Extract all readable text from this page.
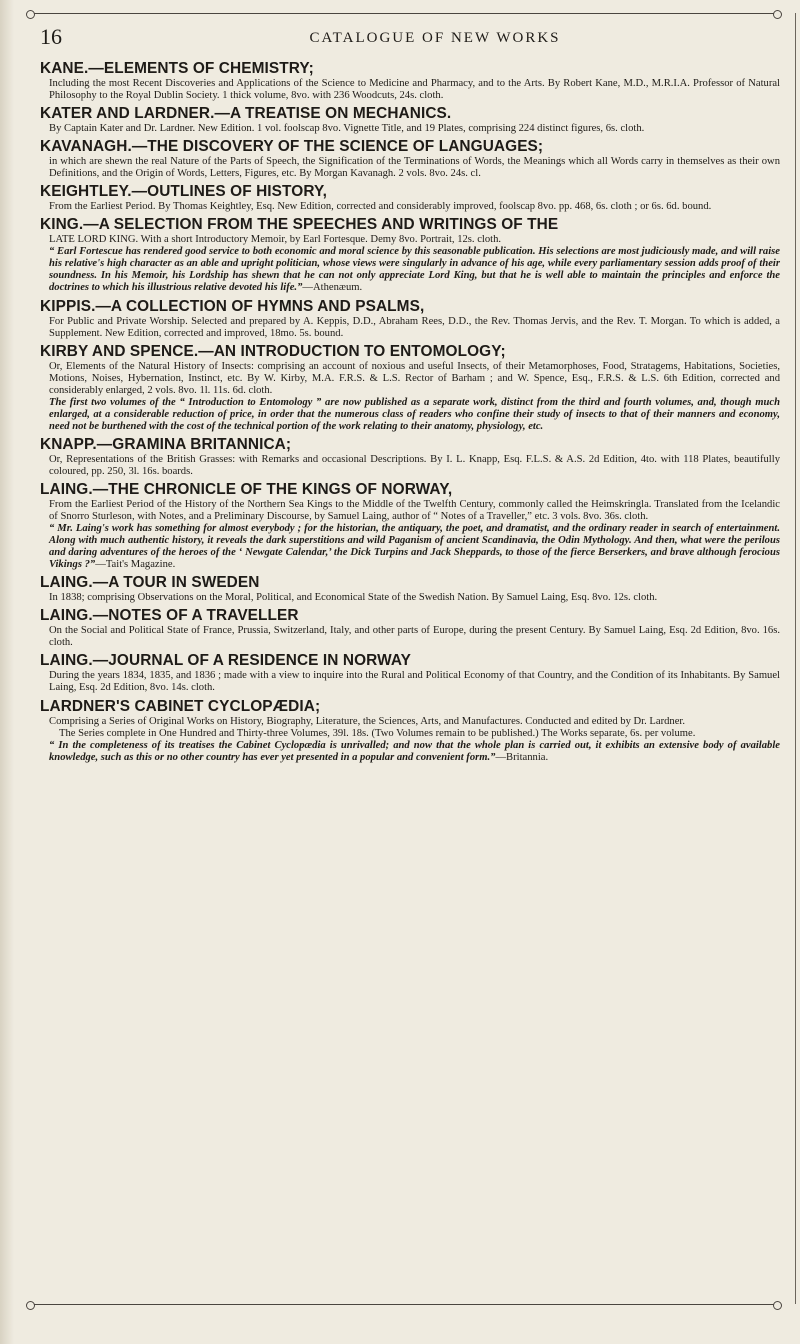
16	CATALOGUE OF NEW WORKS
KANE.—ELEMENTS OF CHEMISTRY;
Including the most Recent Discoveries and Applications of the Science to Medicine and Pharmacy, and to the Arts. By Robert Kane, M.D., M.R.I.A. Professor of Natural Philosophy to the Royal Dublin Society. 1 thick volume, 8vo. with 236 Woodcuts, 24s. cloth.
KATER AND LARDNER.—A TREATISE ON MECHANICS.
By Captain Kater and Dr. Lardner. New Edition. 1 vol. foolscap 8vo. Vignette Title, and 19 Plates, comprising 224 distinct figures, 6s. cloth.
KAVANAGH.—THE DISCOVERY OF THE SCIENCE OF LANGUAGES;
in which are shewn the real Nature of the Parts of Speech, the Signification of the Terminations of Words, the Meanings which all Words carry in themselves as their own Definitions, and the Origin of Words, Letters, Figures, etc. By Morgan Kavanagh. 2 vols. 8vo. 24s. cl.
KEIGHTLEY.—OUTLINES OF HISTORY,
From the Earliest Period. By Thomas Keightley, Esq. New Edition, corrected and considerably improved, foolscap 8vo. pp. 468, 6s. cloth ; or 6s. 6d. bound.
KING.—A SELECTION FROM THE SPEECHES AND WRITINGS OF THE
LATE LORD KING. With a short Introductory Memoir, by Earl Fortesque. Demy 8vo. Portrait, 12s. cloth.
“ Earl Fortescue has rendered good service to both economic and moral science by this seasonable publication. His selections are most judiciously made, and will raise his relative's high character as an able and upright politician, whose views were singularly in advance of his age, while every parliamentary session adds proof of their soundness. In his Memoir, his Lordship has shewn that he can not only appreciate Lord King, but that he is well able to maintain the principles and enforce the doctrines to which his illustrious relative devoted his life.”—Athenæum.
KIPPIS.—A COLLECTION OF HYMNS AND PSALMS,
For Public and Private Worship. Selected and prepared by A. Keppis, D.D., Abraham Rees, D.D., the Rev. Thomas Jervis, and the Rev. T. Morgan. To which is added, a Supplement. New Edition, corrected and improved, 18mo. 5s. bound.
KIRBY AND SPENCE.—AN INTRODUCTION TO ENTOMOLOGY;
Or, Elements of the Natural History of Insects: comprising an account of noxious and useful Insects, of their Metamorphoses, Food, Stratagems, Habitations, Societies, Motions, Noises, Hybernation, Instinct, etc. By W. Kirby, M.A. F.R.S. & L.S. Rector of Barham ; and W. Spence, Esq., F.R.S. & L.S. 6th Edition, corrected and considerably enlarged, 2 vols. 8vo. 1l. 11s. 6d. cloth.
The first two volumes of the “ Introduction to Entomology ” are now published as a separate work, distinct from the third and fourth volumes, and, though much enlarged, at a considerable reduction of price, in order that the numerous class of readers who confine their study of insects to that of their manners and economy, need not be burthened with the cost of the technical portion of the work relating to their anatomy, physiology, etc.
KNAPP.—GRAMINA BRITANNICA;
Or, Representations of the British Grasses: with Remarks and occasional Descriptions. By I. L. Knapp, Esq. F.L.S. & A.S. 2d Edition, 4to. with 118 Plates, beautifully coloured, pp. 250, 3l. 16s. boards.
LAING.—THE CHRONICLE OF THE KINGS OF NORWAY,
From the Earliest Period of the History of the Northern Sea Kings to the Middle of the Twelfth Century, commonly called the Heimskringla. Translated from the Icelandic of Snorro Sturleson, with Notes, and a Preliminary Discourse, by Samuel Laing, author of “ Notes of a Traveller,” etc. 3 vols. 8vo. 36s. cloth.
“ Mr. Laing's work has something for almost everybody ; for the historian, the antiquary, the poet, and dramatist, and the ordinary reader in search of entertainment. Along with much authentic history, it reveals the dark superstitions and wild Paganism of ancient Scandinavia, the Odin Mythology. And then, what were the perilous and daring adventures of the heroes of the ‘ Newgate Calendar,’ the Dick Turpins and Jack Sheppards, to those of the fierce Berserkers, and brave although ferocious Vikings ?”—Tait's Magazine.
LAING.—A TOUR IN SWEDEN
In 1838; comprising Observations on the Moral, Political, and Economical State of the Swedish Nation. By Samuel Laing, Esq. 8vo. 12s. cloth.
LAING.—NOTES OF A TRAVELLER
On the Social and Political State of France, Prussia, Switzerland, Italy, and other parts of Europe, during the present Century. By Samuel Laing, Esq. 2d Edition, 8vo. 16s. cloth.
LAING.—JOURNAL OF A RESIDENCE IN NORWAY
During the years 1834, 1835, and 1836 ; made with a view to inquire into the Rural and Political Economy of that Country, and the Condition of its Inhabitants. By Samuel Laing, Esq. 2d Edition, 8vo. 14s. cloth.
LARDNER'S CABINET CYCLOPÆDIA;
Comprising a Series of Original Works on History, Biography, Literature, the Sciences, Arts, and Manufactures. Conducted and edited by Dr. Lardner.
The Series complete in One Hundred and Thirty-three Volumes, 39l. 18s. (Two Volumes remain to be published.) The Works separate, 6s. per volume.
“ In the completeness of its treatises the Cabinet Cyclopædia is unrivalled; and now that the whole plan is carried out, it exhibits an extensive body of available knowledge, such as this or no other country has ever yet presented in a popular and convenient form.”—Britannia.
